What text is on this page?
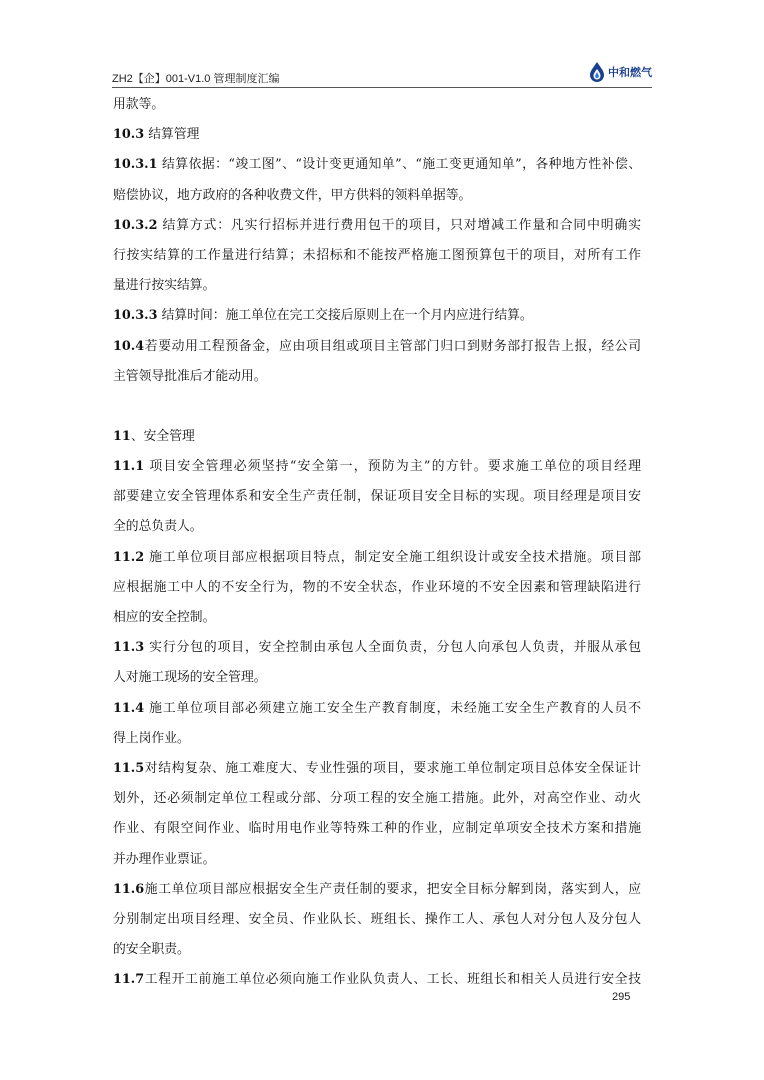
ZH2【企】001-V1.0 管理制度汇编
中和燃气
用款等。
10.3 结算管理
10.3.1 结算依据：“竣工图”、“设计变更通知单”、“施工变更通知单”，各种地方性补偿、
赔偿协议，地方政府的各种收费文件，甲方供料的领料单据等。
10.3.2 结算方式：凡实行招标并进行费用包干的项目，只对增减工作量和合同中明确实
行按实结算的工作量进行结算；未招标和不能按严格施工图预算包干的项目，对所有工作
量进行按实结算。
10.3.3 结算时间：施工单位在完工交接后原则上在一个月内应进行结算。
10.4若要动用工程预备金，应由项目组或项目主管部门归口到财务部打报告上报，经公司
主管领导批准后才能动用。
11、安全管理
11.1 项目安全管理必须坚持“安全第一，预防为主”的方针。要求施工单位的项目经理
部要建立安全管理体系和安全生产责任制，保证项目安全目标的实现。项目经理是项目安
全的总负责人。
11.2 施工单位项目部应根据项目特点，制定安全施工组织设计或安全技术措施。项目部
应根据施工中人的不安全行为，物的不安全状态，作业环境的不安全因素和管理缺陷进行
相应的安全控制。
11.3 实行分包的项目，安全控制由承包人全面负责，分包人向承包人负责，并服从承包
人对施工现场的安全管理。
11.4 施工单位项目部必须建立施工安全生产教育制度，未经施工安全生产教育的人员不
得上岗作业。
11.5对结构复杂、施工难度大、专业性强的项目，要求施工单位制定项目总体安全保证计
划外，还必须制定单位工程或分部、分项工程的安全施工措施。此外，对高空作业、动火
作业、有限空间作业、临时用电作业等特殊工种的作业，应制定单项安全技术方案和措施
并办理作业票证。
11.6施工单位项目部应根据安全生产责任制的要求，把安全目标分解到岗，落实到人，应
分别制定出项目经理、安全员、作业队长、班组长、操作工人、承包人对分包人及分包人
的安全职责。
11.7工程开工前施工单位必须向施工作业队负责人、工长、班组长和相关人员进行安全技
295
